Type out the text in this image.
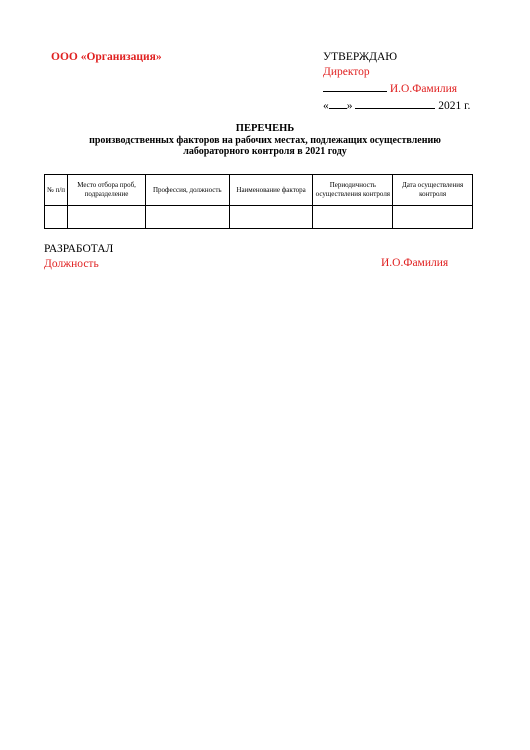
ООО «Организация»	УТВЕРЖДАЮ
Директор
И.О.Фамилия
« »	2021 г.
ПЕРЕЧЕНЬ
производственных факторов на рабочих местах, подлежащих осуществлению
лабораторного контроля в 2021 году
№ п/п	Место отбора проб, подразделение	Профессия, должность	Наименование фактора	Периодичность осуществления контроля	Дата осуществления контроля

РАЗРАБОТАЛ
Должность	И.О.Фамилия
